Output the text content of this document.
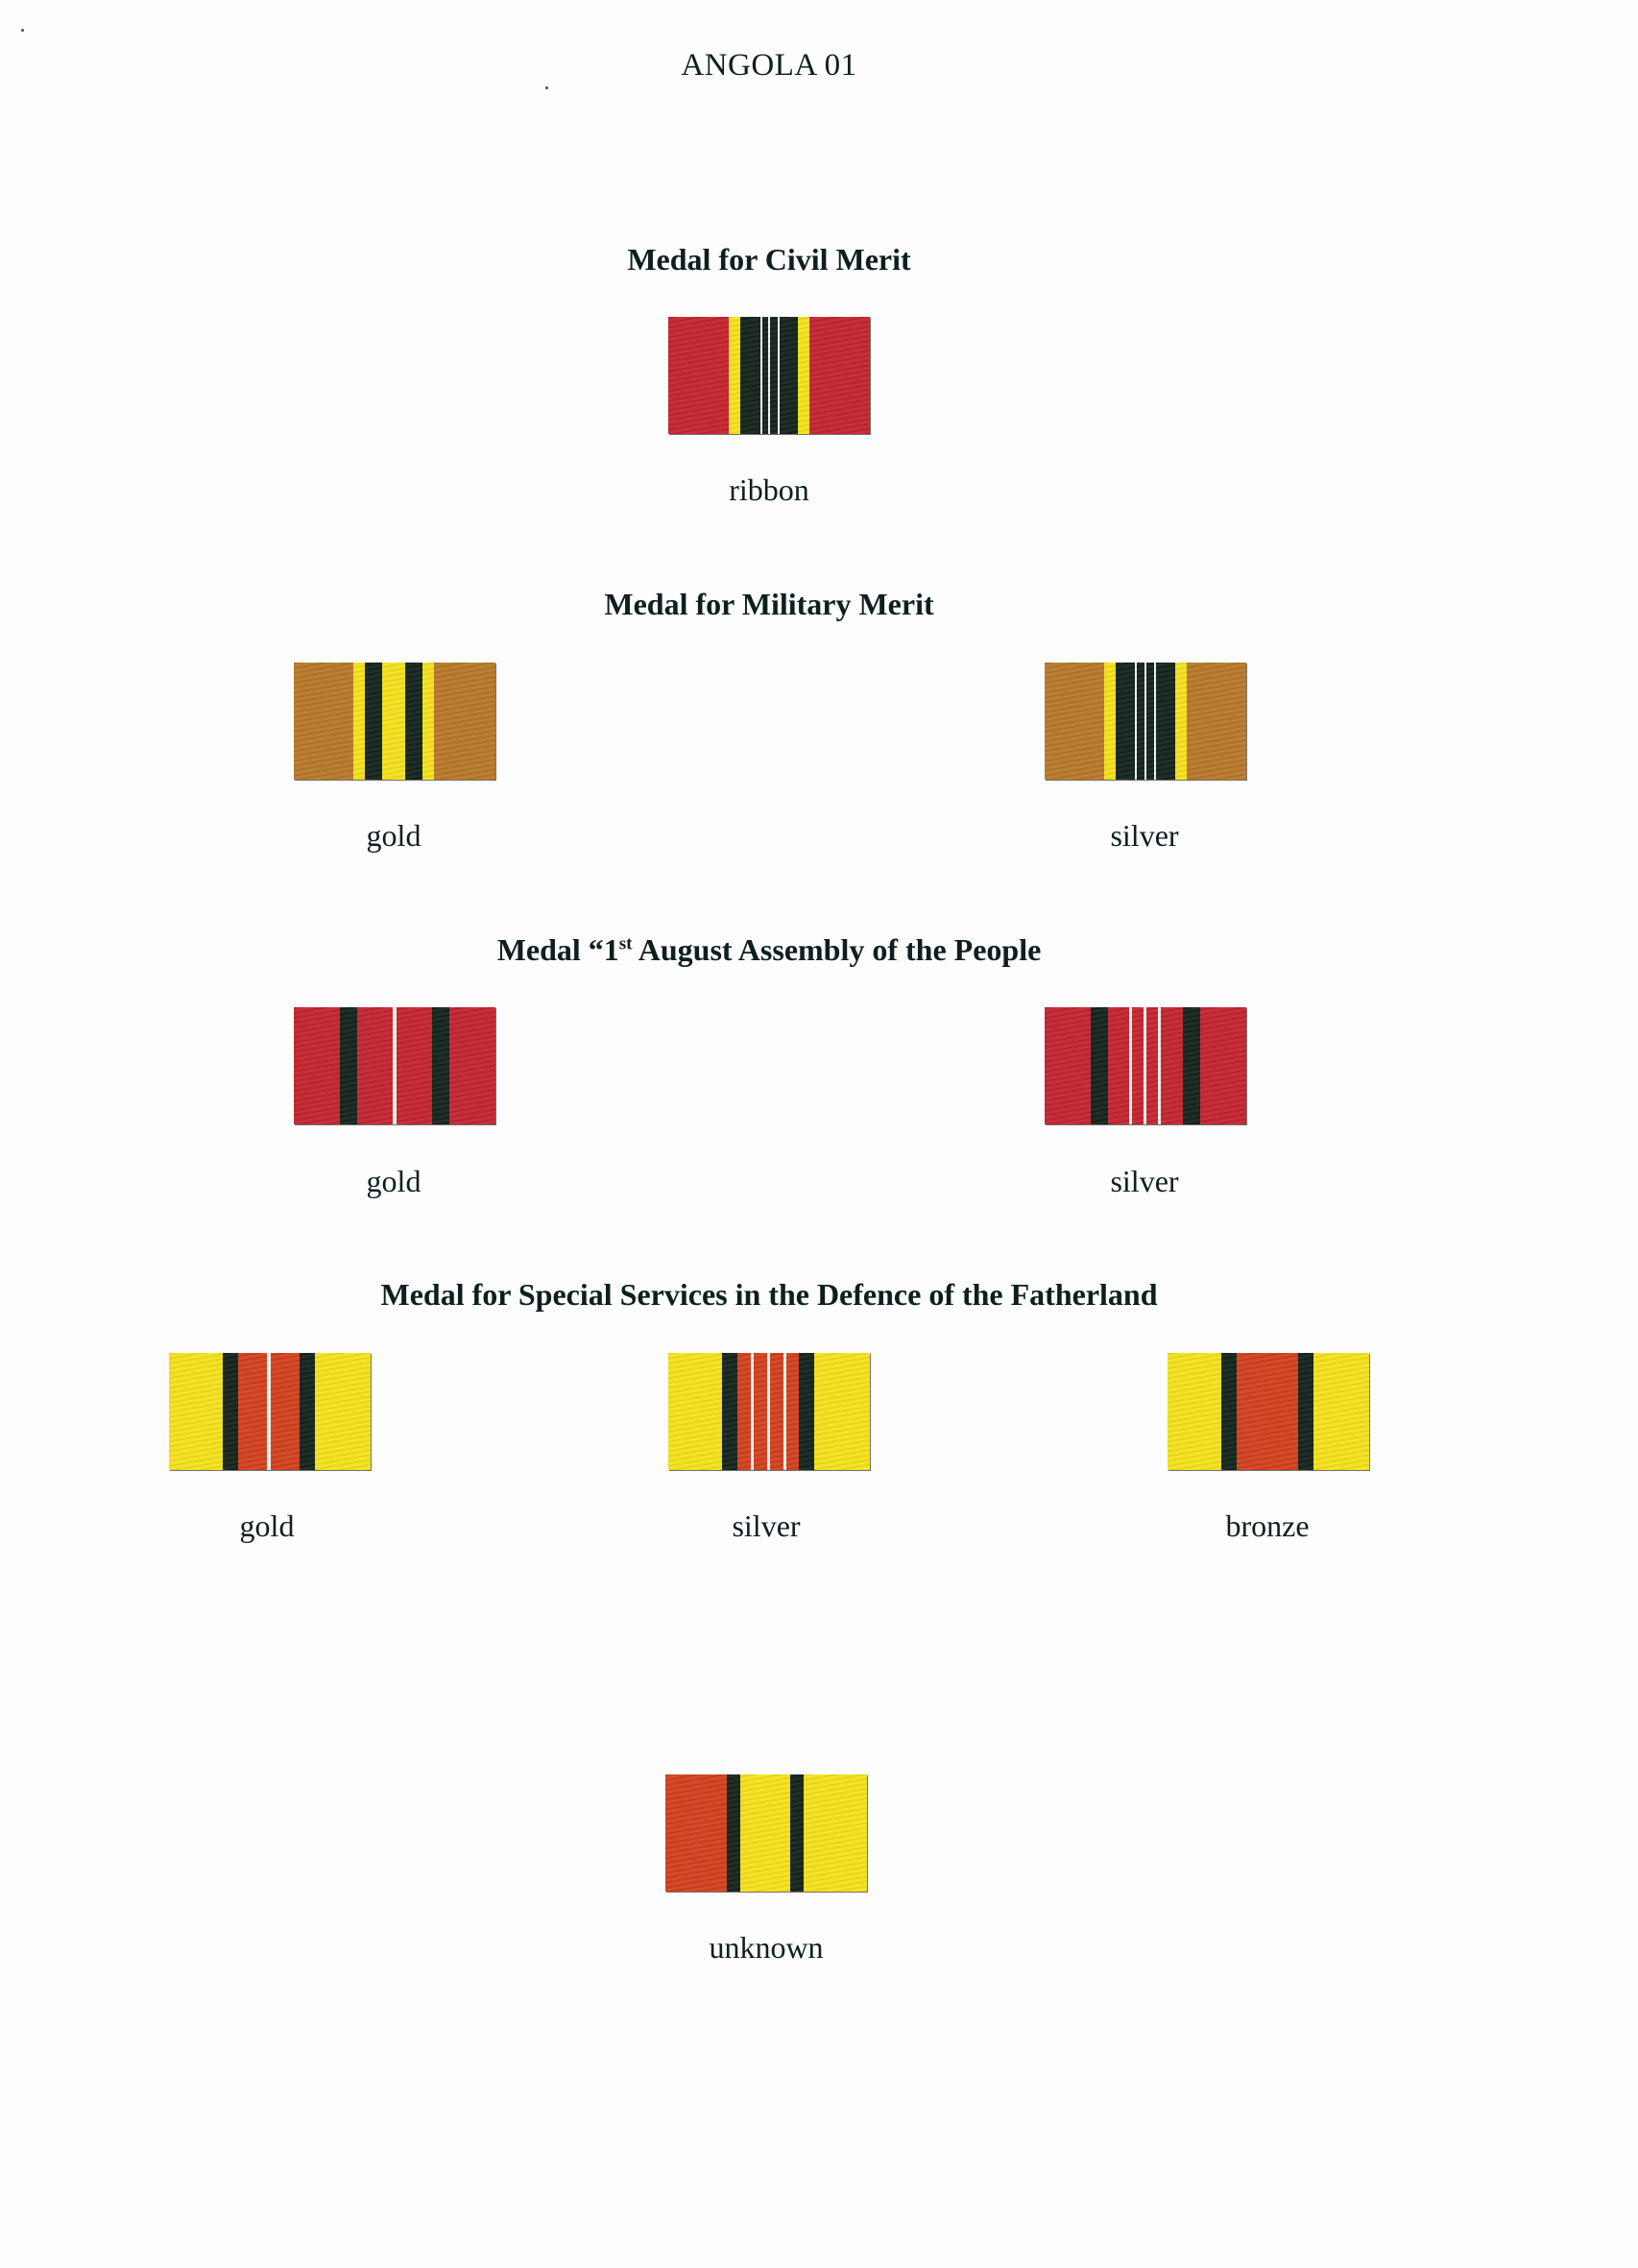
ANGOLA 01
Medal for Civil Merit
ribbon
Medal for Military Merit
gold	silver
Medal “1st August Assembly of the People
gold	silver
Medal for Special Services in the Defence of the Fatherland
gold	silver	bronze
unknown
